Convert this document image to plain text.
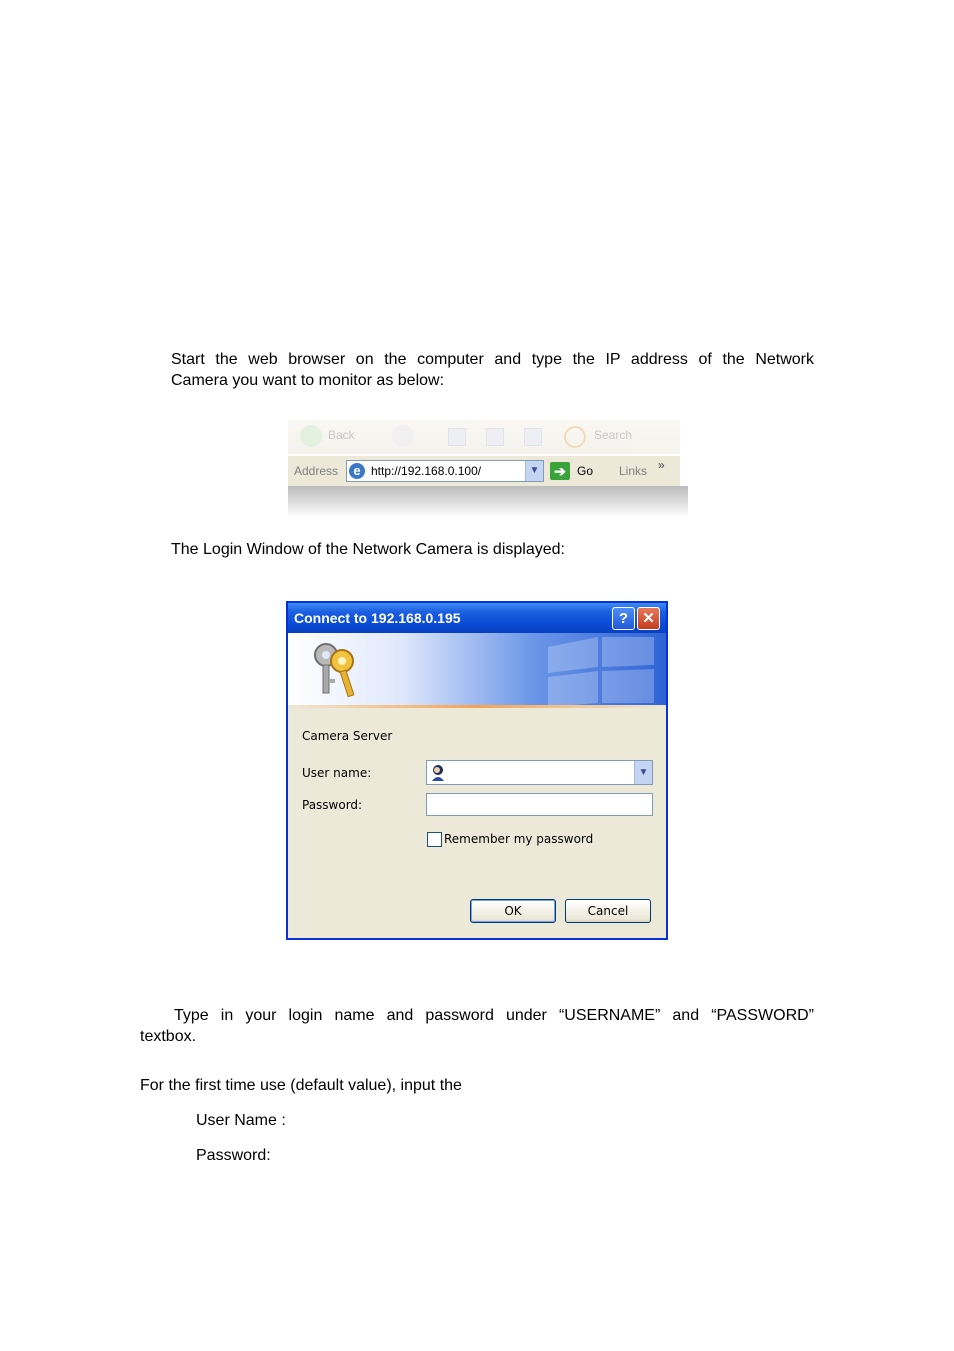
Start the web browser on the computer and type the IP address of the Network
Camera you want to monitor as below:
Back	Search
Address	e http://192.168.0.100/	▼ ➔ Go Links »
The Login Window of the Network Camera is displayed:
Connect to 192.168.0.195	? ✕
Camera Server
User name:	▼
Password:
Remember my password
OK	Cancel
Type in your login name and password under “USERNAME” and “PASSWORD”
textbox.
For the first time use (default value), input the
User Name :
Password:
